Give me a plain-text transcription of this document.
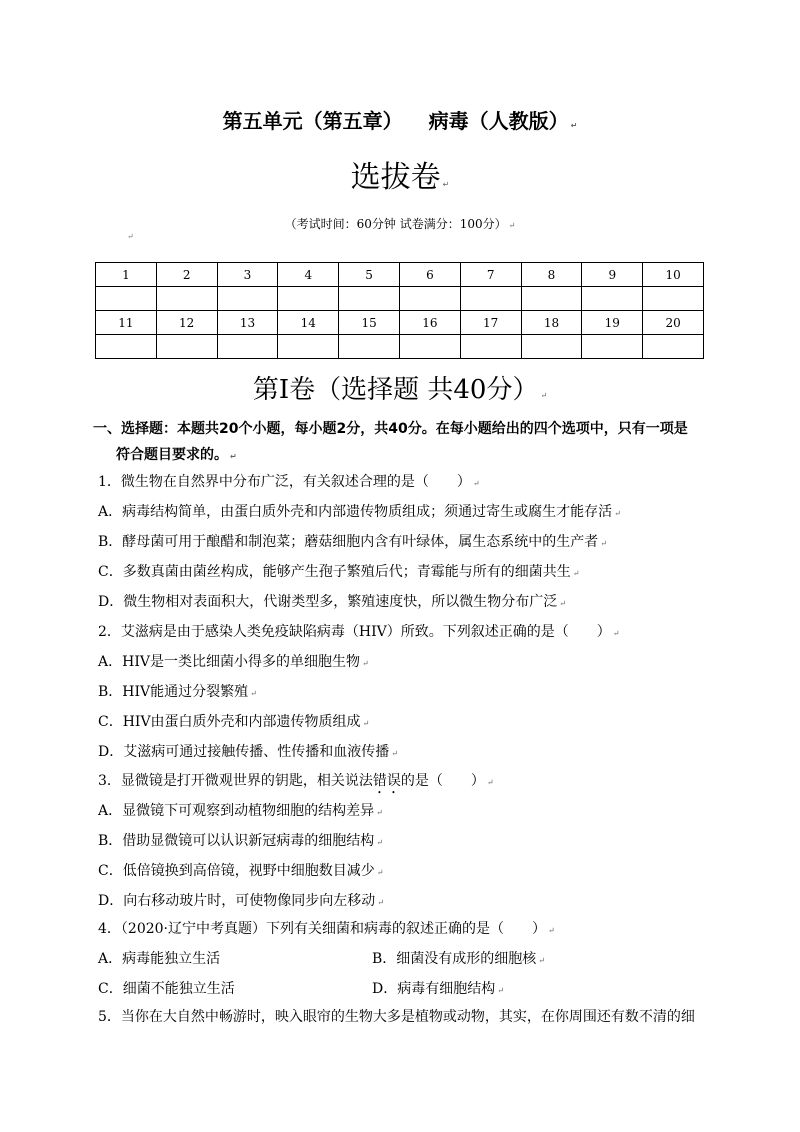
第五单元（第五章） 病毒（人教版） ↵
选拔卷 ↵
（考试时间：60分钟 试卷满分：100分） ↵
↵
1	2	3	4	5	6	7	8	9	10

11	12	13	14	15	16	17	18	19	20

第Ⅰ卷（选择题 共40分） ↵
一、选择题：本题共20个小题，每小题2分，共40分。在每小题给出的四个选项中，只有一项是
符合题目要求的。 ↵
1．微生物在自然界中分布广泛，有关叙述合理的是（　　） ↵
A．病毒结构简单，由蛋白质外壳和内部遗传物质组成；须通过寄生或腐生才能存活 ↵
B．酵母菌可用于酿醋和制泡菜；蘑菇细胞内含有叶绿体，属生态系统中的生产者 ↵
C．多数真菌由菌丝构成，能够产生孢子繁殖后代；青霉能与所有的细菌共生 ↵
D．微生物相对表面积大，代谢类型多，繁殖速度快，所以微生物分布广泛 ↵
2．艾滋病是由于感染人类免疫缺陷病毒（HIV）所致。下列叙述正确的是（　　） ↵
A．HIV是一类比细菌小得多的单细胞生物 ↵
B．HIV能通过分裂繁殖 ↵
C．HIV由蛋白质外壳和内部遗传物质组成 ↵
D．艾滋病可通过接触传播、性传播和血液传播 ↵
3．显微镜是打开微观世界的钥匙，相关说法错误的是（　　） ↵
A．显微镜下可观察到动植物细胞的结构差异 ↵
B．借助显微镜可以认识新冠病毒的细胞结构 ↵
C．低倍镜换到高倍镜，视野中细胞数目减少 ↵
D．向右移动玻片时，可使物像同步向左移动 ↵
4．（2020·辽宁中考真题）下列有关细菌和病毒的叙述正确的是（　　） ↵
A．病毒能独立生活	B．细菌没有成形的细胞核 ↵
C．细菌不能独立生活	D．病毒有细胞结构 ↵
5．当你在大自然中畅游时，映入眼帘的生物大多是植物或动物，其实，在你周围还有数不清的细
